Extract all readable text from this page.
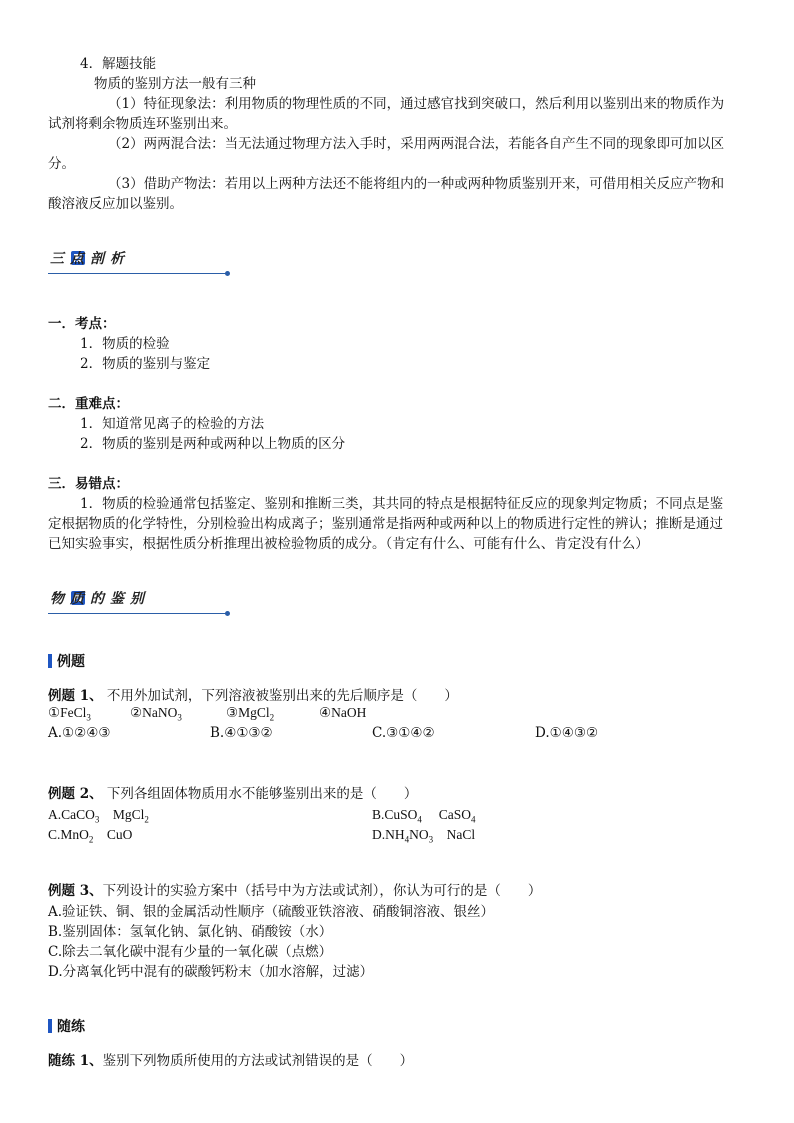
4．解题技能
物质的鉴别方法一般有三种
（1）特征现象法：利用物质的物理性质的不同，通过感官找到突破口，然后利用以鉴别出来的物质作为
试剂将剩余物质连环鉴别出来。
（2）两两混合法：当无法通过物理方法入手时，采用两两混合法，若能各自产生不同的现象即可加以区
分。
（3）借助产物法：若用以上两种方法还不能将组内的一种或两种物质鉴别开来，可借用相关反应产物和
酸溶液反应加以鉴别。
三点剖析
一．考点：
1．物质的检验
2．物质的鉴别与鉴定
二．重难点：
1．知道常见离子的检验的方法
2．物质的鉴别是两种或两种以上物质的区分
三．易错点：
1．物质的检验通常包括鉴定、鉴别和推断三类，其共同的特点是根据特征反应的现象判定物质；不同点是鉴
定根据物质的化学特性，分别检验出构成离子；鉴别通常是指两种或两种以上的物质进行定性的辨认；推断是通过
已知实验事实，根据性质分析推理出被检验物质的成分。（肯定有什么、可能有什么、肯定没有什么）
物质的鉴别
例题
例题 1、 不用外加试剂，下列溶液被鉴别出来的先后顺序是（　　）
①FeCl$_3$	②NaNO$_3$	③MgCl$_2$	④NaOH
A.①②④③	B.④①③②	C.③①④②	D.①④③②
例题 2、 下列各组固体物质用水不能够鉴别出来的是（　　）
A.CaCO$_3$　MgCl$_2$	B.CuSO$_4$　 CaSO$_4$
C.MnO$_2$　CuO	$D.NH_4NO_3$　NaCl
例题 3、下列设计的实验方案中（括号中为方法或试剂），你认为可行的是（　　）
A.验证铁、铜、银的金属活动性顺序（硫酸亚铁溶液、硝酸铜溶液、银丝）
B.鉴别固体：氢氧化钠、氯化钠、硝酸铵（水）
C.除去二氧化碳中混有少量的一氧化碳（点燃）
D.分离氧化钙中混有的碳酸钙粉末（加水溶解，过滤）
随练
随练 1、鉴别下列物质所使用的方法或试剂错误的是（　　）
